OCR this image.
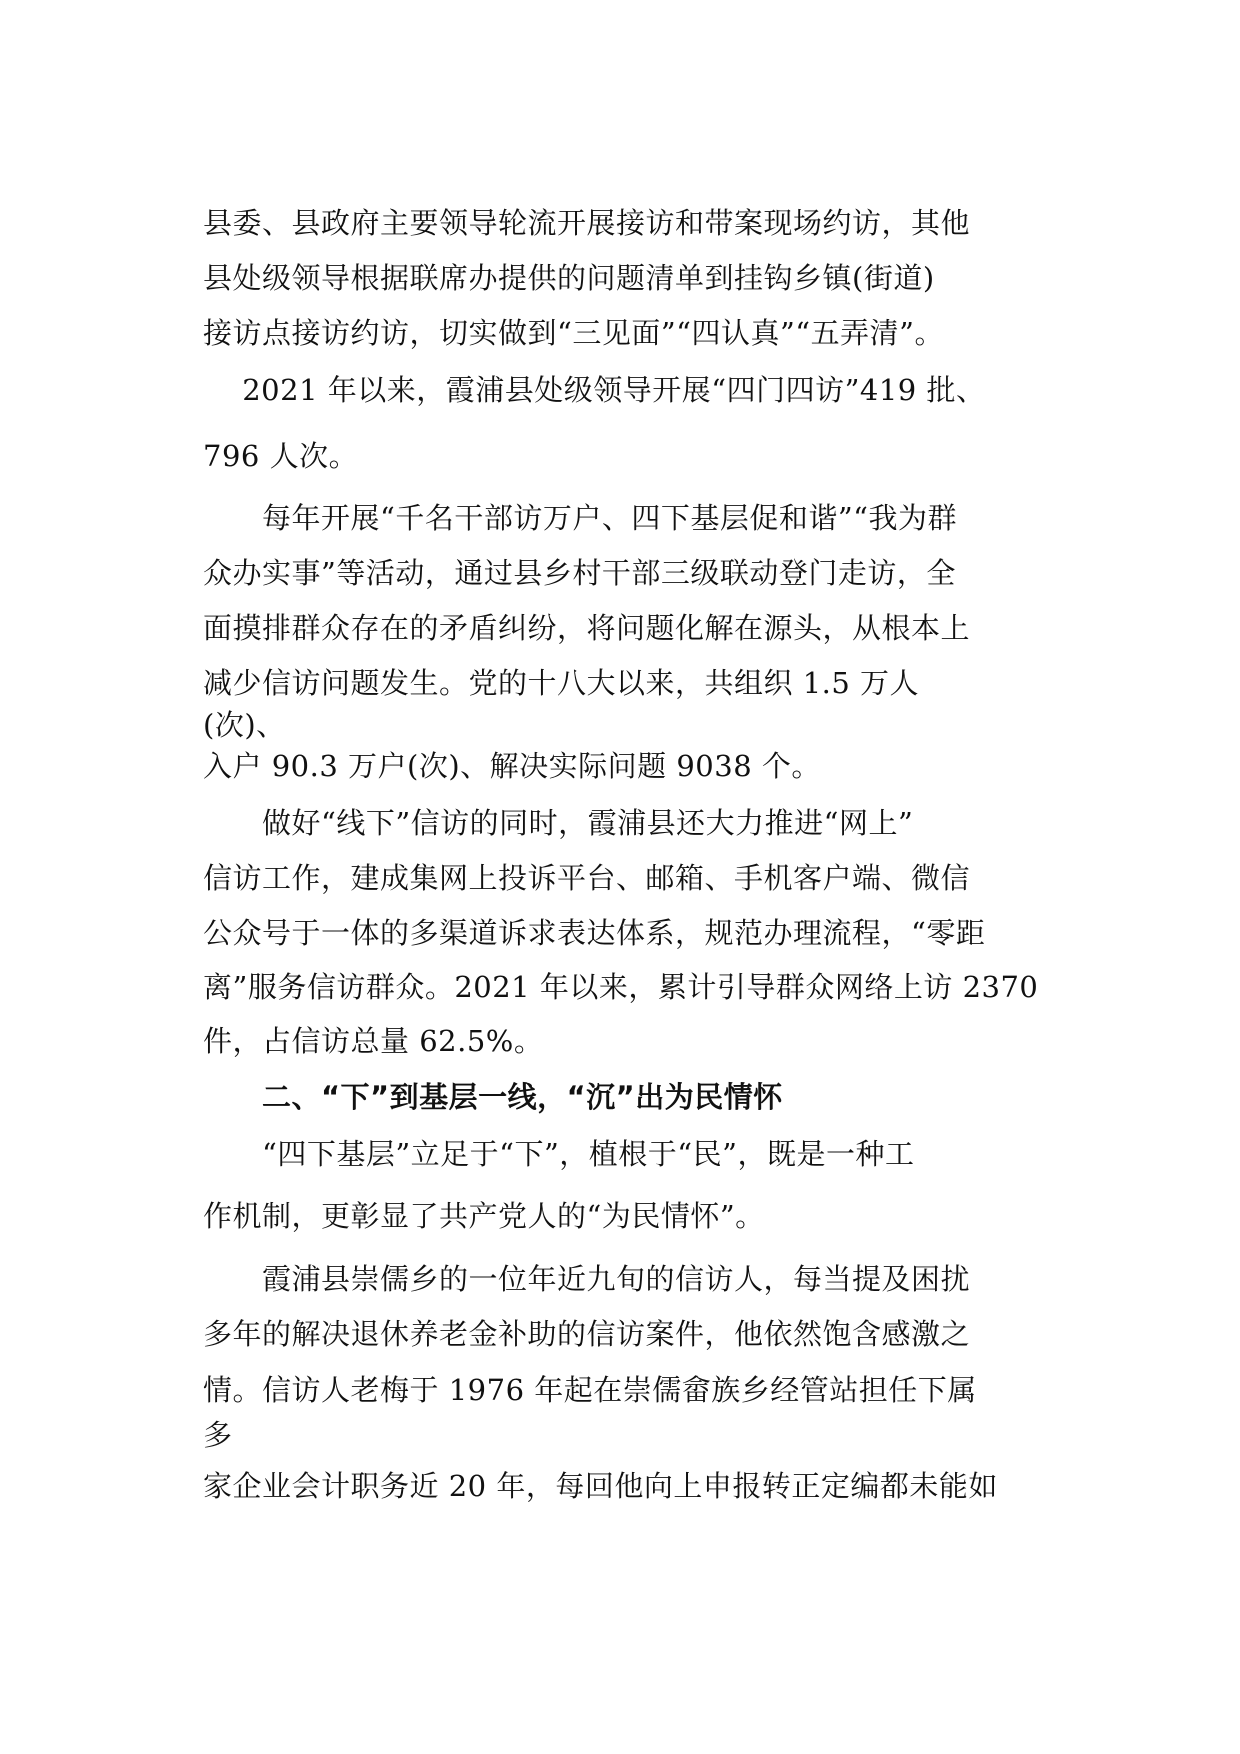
县委、县政府主要领导轮流开展接访和带案现场约访，其他
县处级领导根据联席办提供的问题清单到挂钩乡镇(街道)
接访点接访约访，切实做到“三见面”“四认真”“五弄清”。
　 2021 年以来，霞浦县处级领导开展“四门四访”419 批、
796 人次。
　　每年开展“千名干部访万户、四下基层促和谐”“我为群
众办实事”等活动，通过县乡村干部三级联动登门走访，全
面摸排群众存在的矛盾纠纷，将问题化解在源头，从根本上
减少信访问题发生。党的十八大以来，共组织 1.5 万人
(次)、
入户 90.3 万户(次)、解决实际问题 9038 个。
　　做好“线下”信访的同时，霞浦县还大力推进“网上”
信访工作，建成集网上投诉平台、邮箱、手机客户端、微信
公众号于一体的多渠道诉求表达体系，规范办理流程，“零距
离”服务信访群众。2021 年以来，累计引导群众网络上访 2370
件，占信访总量 62.5%。
　　二、“下”到基层一线，“沉”出为民情怀
　　“四下基层”立足于“下”，植根于“民”，既是一种工
作机制，更彰显了共产党人的“为民情怀”。
　　霞浦县崇儒乡的一位年近九旬的信访人，每当提及困扰
多年的解决退休养老金补助的信访案件，他依然饱含感激之
情。信访人老梅于 1976 年起在崇儒畲族乡经管站担任下属
多
家企业会计职务近 20 年，每回他向上申报转正定编都未能如
